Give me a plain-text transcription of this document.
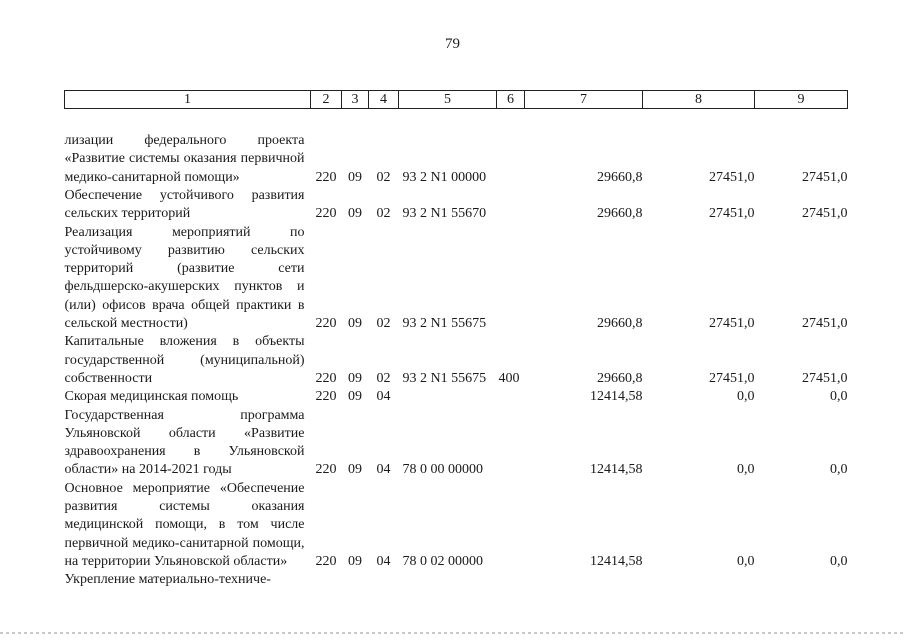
79
1	2	3	4	5	6	7	8	9
лизации федерального проекта «Развитие системы оказания первичной медико-санитарной помощи»	220	09	02	93 2 N1 00000		29660,8	27451,0	27451,0
Обеспечение устойчивого развития сельских территорий	220	09	02	93 2 N1 55670		29660,8	27451,0	27451,0
Реализация мероприятий по устойчивому развитию сельских территорий (развитие сети фельдшерско-акушерских пунктов и (или) офисов врача общей практики в сельской местности)	220	09	02	93 2 N1 55675		29660,8	27451,0	27451,0
Капитальные вложения в объекты государственной (муниципальной) собственности	220	09	02	93 2 N1 55675	400	29660,8	27451,0	27451,0
Скорая медицинская помощь	220	09	04			12414,58	0,0	0,0
Государственная программа Ульяновской области «Развитие здравоохранения в Ульяновской области» на 2014-2021 годы	220	09	04	78 0 00 00000		12414,58	0,0	0,0
Основное мероприятие «Обеспечение развития системы оказания медицинской помощи, в том числе первичной медико-санитарной помощи, на территории Ульяновской области»	220	09	04	78 0 02 00000		12414,58	0,0	0,0
Укрепление материально-техниче-								
